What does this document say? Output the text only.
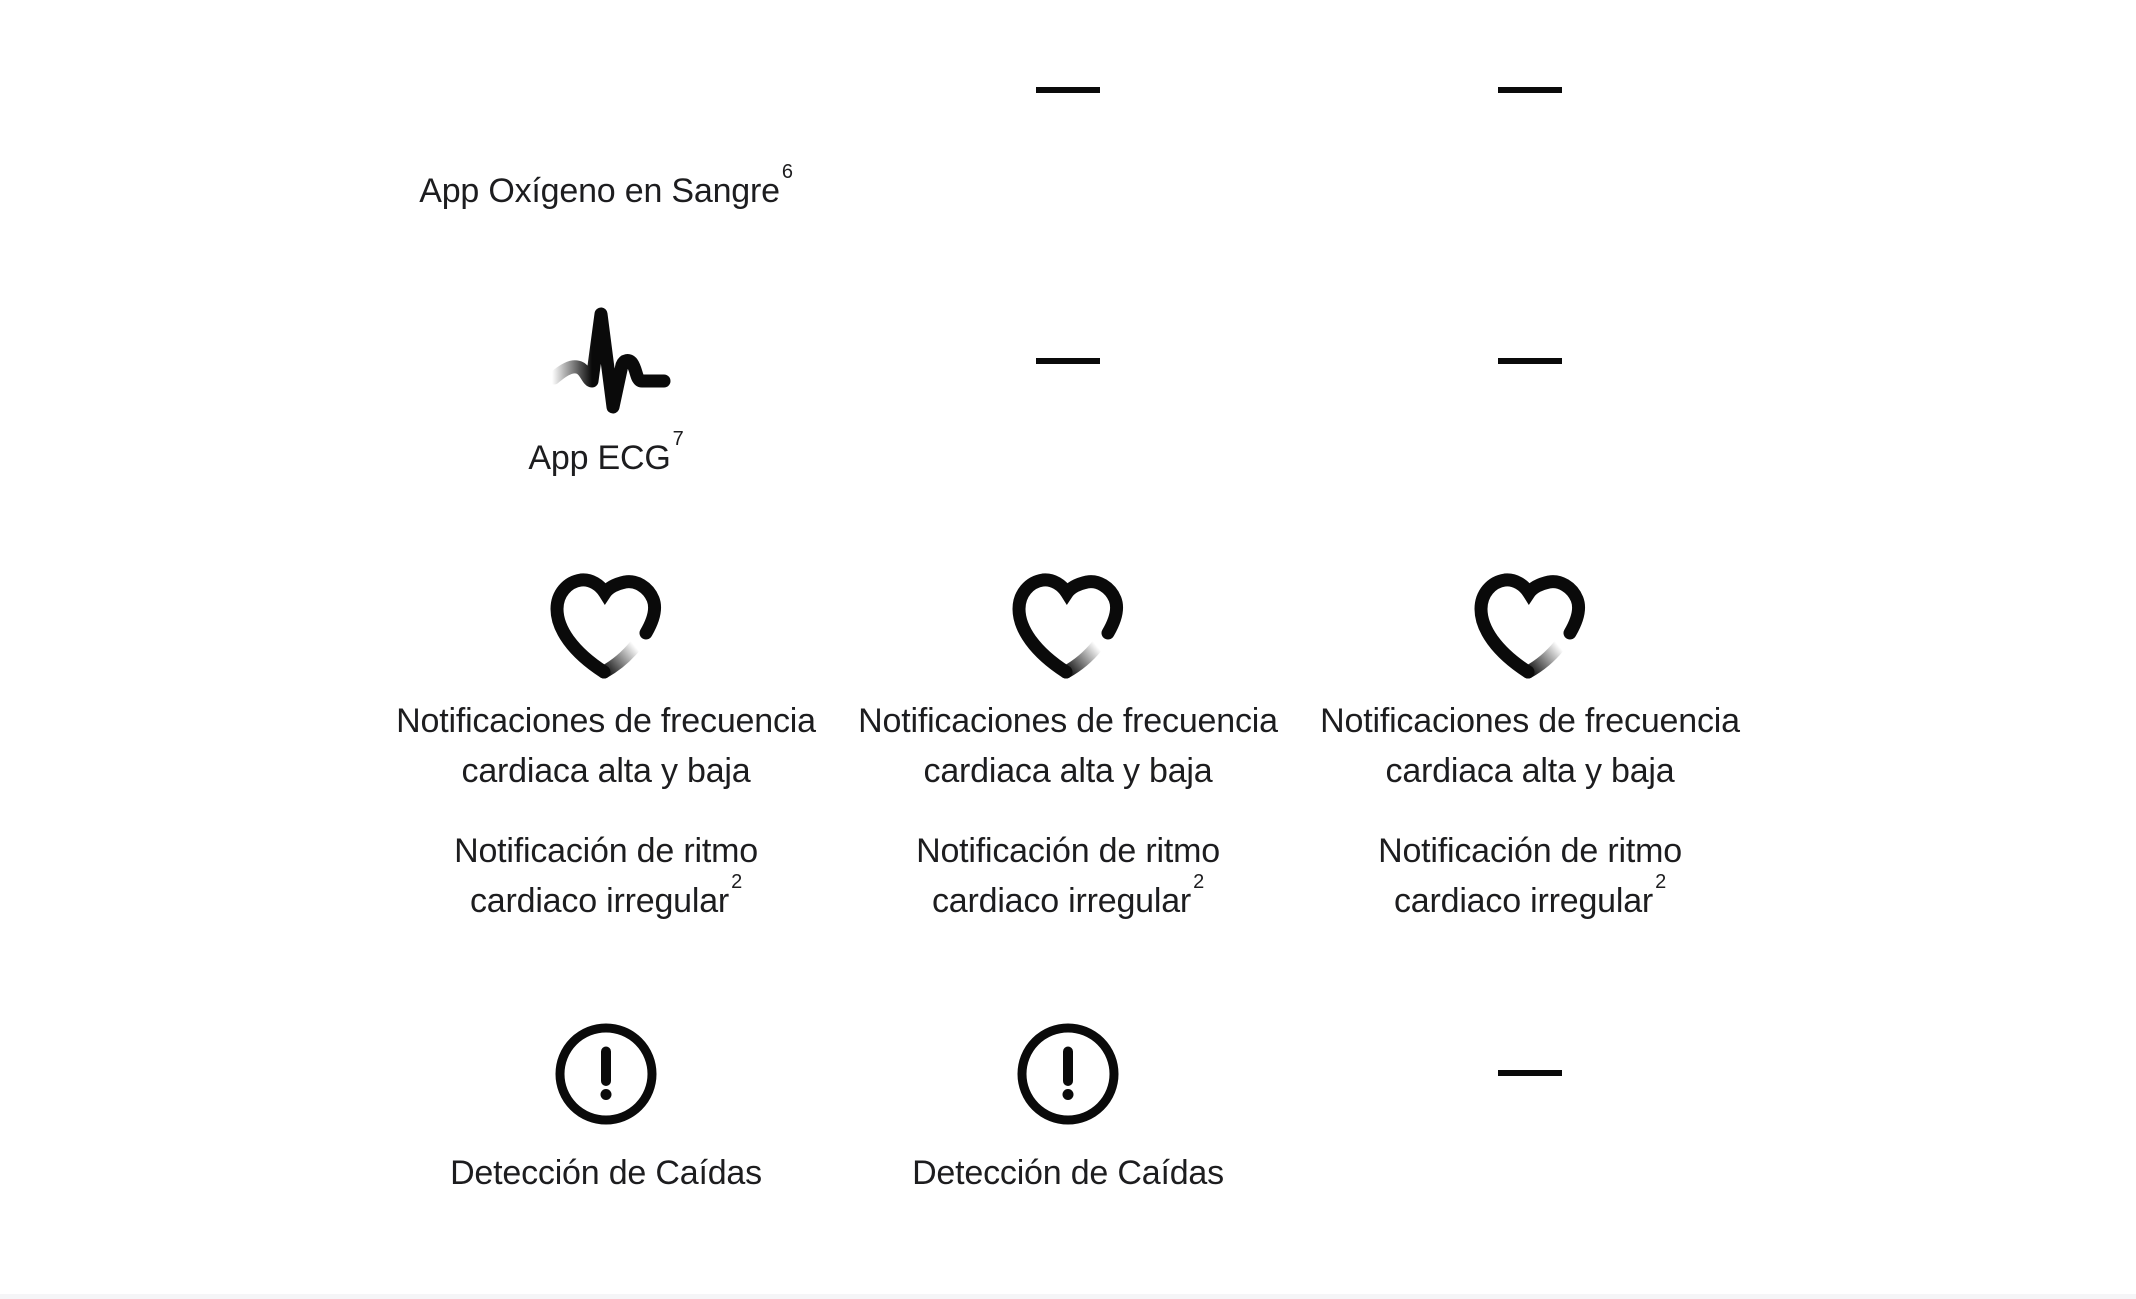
App Oxígeno en Sangre$^6$
App ECG$^7$
Notificaciones de frecuencia
cardiaca alta y baja
Notificación de ritmo
cardiaco irregular$^2$
Notificaciones de frecuencia
cardiaca alta y baja
Notificación de ritmo
cardiaco irregular$^2$
Notificaciones de frecuencia
cardiaca alta y baja
Notificación de ritmo
cardiaco irregular$^2$
Detección de Caídas	Detección de Caídas
